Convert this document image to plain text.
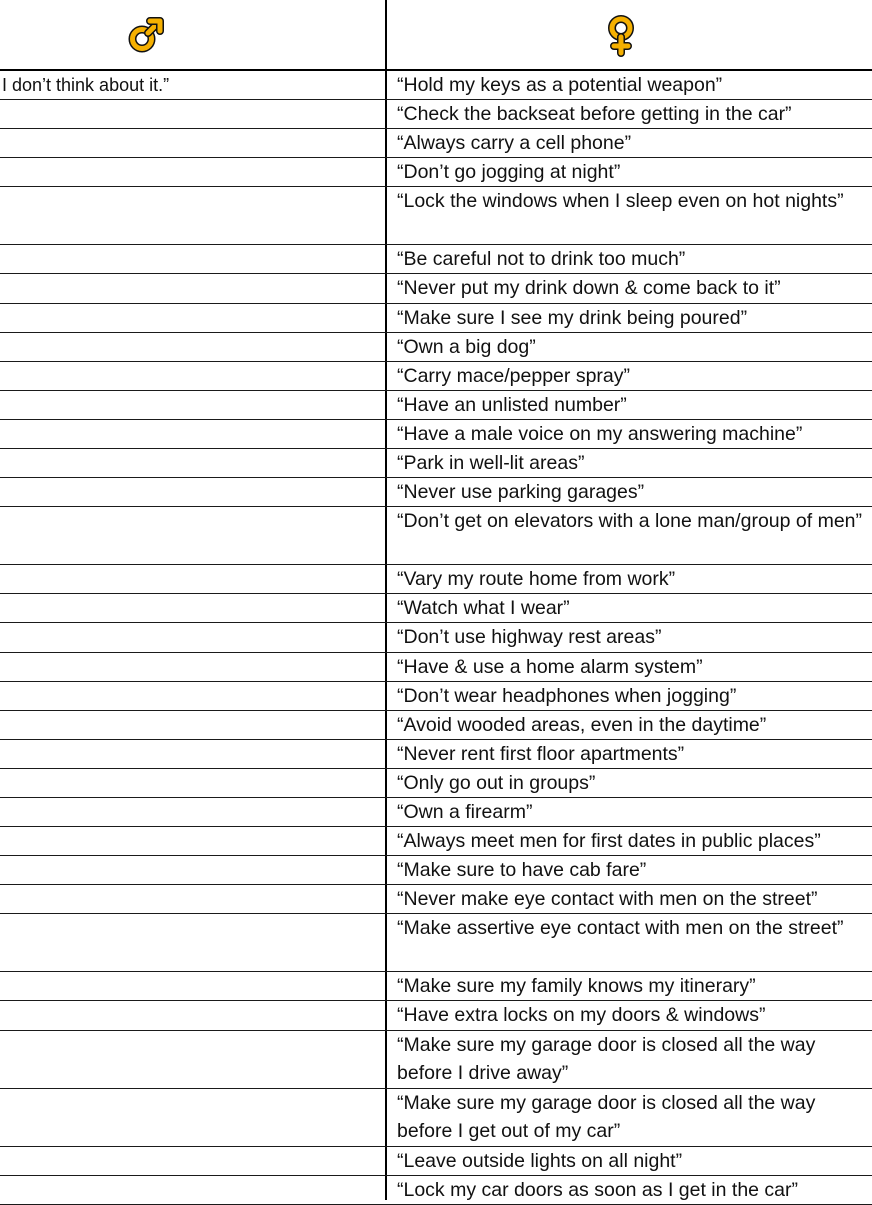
I don’t think about it.”	“Hold my keys as a potential weapon”
“Check the backseat before getting in the car”
“Always carry a cell phone”
“Don’t go jogging at night”
“Lock the windows when I sleep even on hot nights”
“Be careful not to drink too much”
“Never put my drink down & come back to it”
“Make sure I see my drink being poured”
“Own a big dog”
“Carry mace/pepper spray”
“Have an unlisted number”
“Have a male voice on my answering machine”
“Park in well-lit areas”
“Never use parking garages”
“Don’t get on elevators with a lone man/group of men”
“Vary my route home from work”
“Watch what I wear”
“Don’t use highway rest areas”
“Have & use a home alarm system”
“Don’t wear headphones when jogging”
“Avoid wooded areas, even in the daytime”
“Never rent first floor apartments”
“Only go out in groups”
“Own a firearm”
“Always meet men for first dates in public places”
“Make sure to have cab fare”
“Never make eye contact with men on the street”
“Make assertive eye contact with men on the street”
“Make sure my family knows my itinerary”
“Have extra locks on my doors & windows”
“Make sure my garage door is closed all the way before I drive away”
“Make sure my garage door is closed all the way before I get out of my car”
“Leave outside lights on all night”
“Lock my car doors as soon as I get in the car”
